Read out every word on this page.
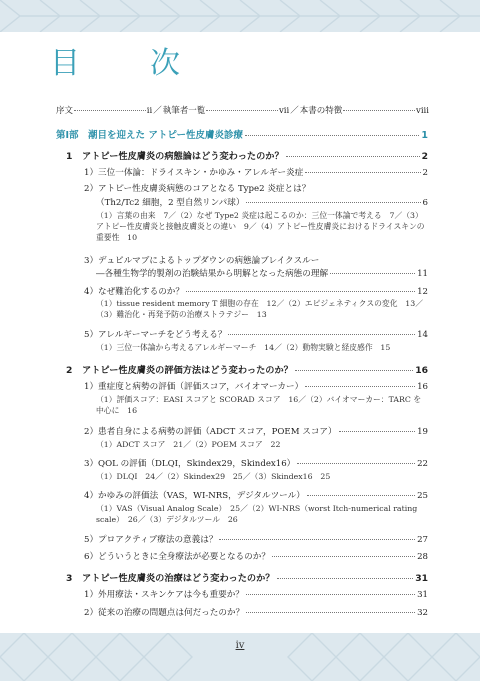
目　次
序文	ii ／ 執筆者一覧	vii ／ 本書の特徴	viii
第Ⅰ部　潮目を迎えた アトピー性皮膚炎診療	1
1 アトピー性皮膚炎の病態論はどう変わったのか？	2
1）三位一体論：ドライスキン・かゆみ・アレルギー炎症	2
2）アトピー性皮膚炎病態のコアとなる Type2 炎症とは？
（Th2/Tc2 細胞，2 型自然リンパ球）	6
（1）言葉の由来　7／（2）なぜ Type2 炎症は起こるのか：三位一体論で考える　7／（3）アトピー性皮膚炎と接触皮膚炎との違い　9／（4）アトピー性皮膚炎におけるドライスキンの重要性　10
3）デュピルマブによるトップダウンの病態論ブレイクスルー
―各種生物学的製剤の治験結果から明解となった病態の理解	11
4）なぜ難治化するのか？	12
（1）tissue resident memory T 細胞の存在　12／（2）エピジェネティクスの変化　13／（3）難治化・再発予防の治療ストラテジー　13
5）アレルギーマーチをどう考える？	14
（1）三位一体論から考えるアレルギーマーチ　14／（2）動物実験と経皮感作　15
2 アトピー性皮膚炎の評価方法はどう変わったのか？	16
1）重症度と病勢の評価（評価スコア，バイオマーカー）	16
（1）評価スコア：EASI スコアと SCORAD スコア　16／（2）バイオマーカー：TARC を中心に　16
2）患者自身による病勢の評価（ADCT スコア，POEM スコア）	19
（1）ADCT スコア　21／（2）POEM スコア　22
3）QOL の評価（DLQI，Skindex29，Skindex16）	22
（1）DLQI　24／（2）Skindex29　25／（3）Skindex16　25
4）かゆみの評価法（VAS，WI-NRS，デジタルツール）	25
（1）VAS（Visual Analog Scale）　25／（2）WI-NRS（worst Itch-numerical rating scale）　26／（3）デジタルツール　26
5）プロアクティブ療法の意義は？	27
6）どういうときに全身療法が必要となるのか？	28
3 アトピー性皮膚炎の治療はどう変わったのか？	31
1）外用療法・スキンケアは今も重要か？	31
2）従来の治療の問題点は何だったのか？	32
iv
